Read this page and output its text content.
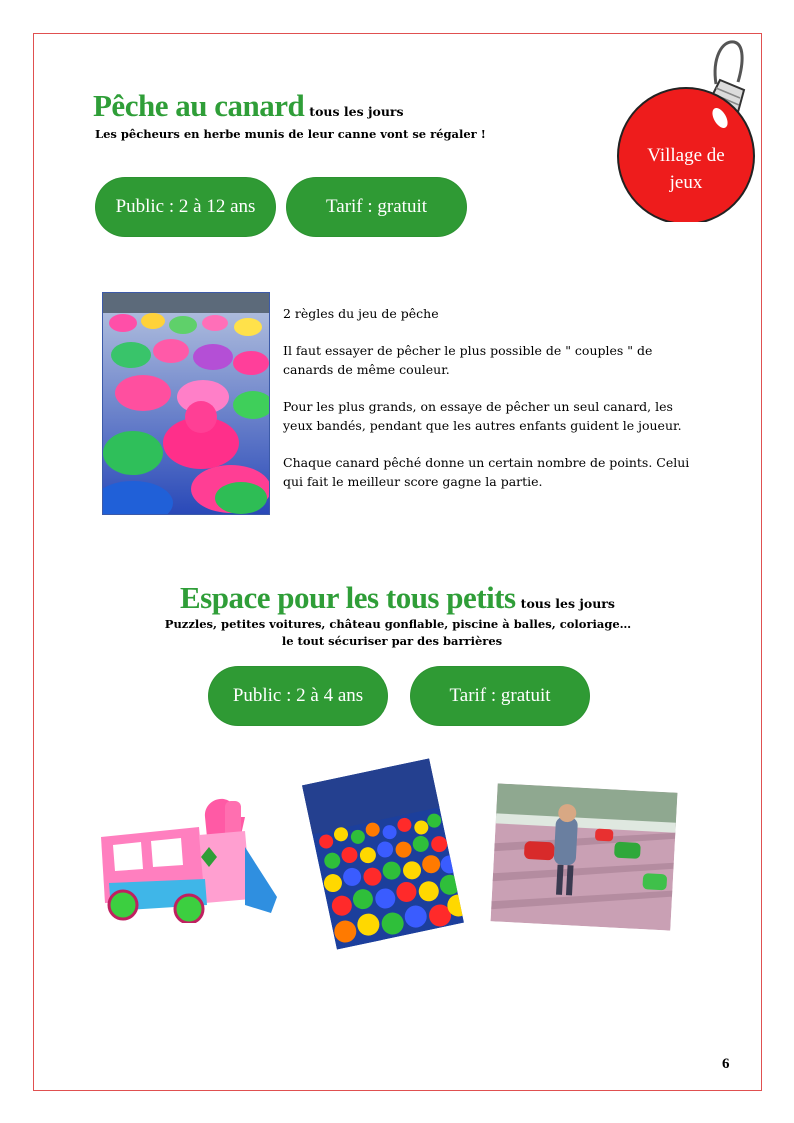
Pêche au canard tous les jours
Les pêcheurs en herbe munis de leur canne vont se régaler !
Public : 2 à 12 ans	Tarif : gratuit
Village de
jeux

2 règles du jeu de pêche

Il faut essayer de pêcher le plus possible de " couples " de canards de même couleur.

Pour les plus grands, on essaye de pêcher un seul canard, les yeux bandés, pendant que les autres enfants guident le joueur.

Chaque canard pêché donne un certain nombre de points. Celui qui fait le meilleur score gagne la partie.

Espace pour les tous petits tous les jours
Puzzles, petites voitures, château gonflable, piscine à balles, coloriage…
le tout sécuriser par des barrières
Public : 2 à 4 ans	Tarif : gratuit
6
